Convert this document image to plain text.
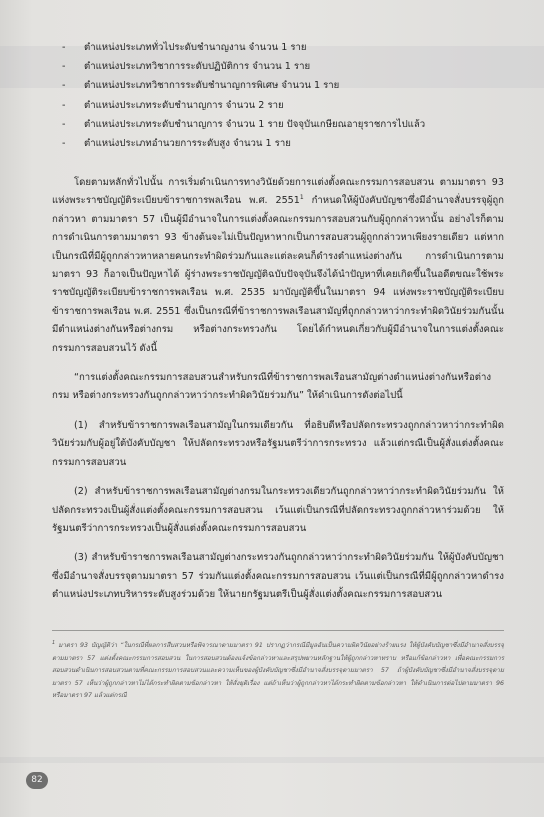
- ตำแหน่งประเภททั่วไประดับชำนาญงาน จำนวน 1 ราย
- ตำแหน่งประเภทวิชาการระดับปฏิบัติการ จำนวน 1 ราย
- ตำแหน่งประเภทวิชาการระดับชำนาญการพิเศษ จำนวน 1 ราย
- ตำแหน่งประเภทระดับชำนาญการ จำนวน 2 ราย
- ตำแหน่งประเภทระดับชำนาญการ จำนวน 1 ราย ปัจจุบันเกษียณอายุราชการไปแล้ว
- ตำแหน่งประเภทอำนวยการระดับสูง จำนวน 1 ราย

โดยตามหลักทั่วไปนั้น การเริ่มดำเนินการทางวินัยด้วยการแต่งตั้งคณะกรรมการสอบสวน ตามมาตรา 93 แห่งพระราชบัญญัติระเบียบข้าราชการพลเรือน พ.ศ. 2551$^1$ กำหนดให้ผู้บังคับบัญชาซึ่งมีอำนาจสั่งบรรจุผู้ถูกกล่าวหา ตามมาตรา 57 เป็นผู้มีอำนาจในการแต่งตั้งคณะกรรมการสอบสวนกับผู้ถูกกล่าวหานั้น อย่างไรก็ตามการดำเนินการตามมาตรา 93 ข้างต้นจะไม่เป็นปัญหาหากเป็นการสอบสวนผู้ถูกกล่าวหาเพียงรายเดียว แต่หากเป็นกรณีที่มีผู้ถูกกล่าวหาหลายคนกระทำผิดร่วมกันและแต่ละคนก็ดำรงตำแหน่งต่างกัน การดำเนินการตามมาตรา 93 ก็อาจเป็นปัญหาได้ ผู้ร่างพระราชบัญญัติฉบับปัจจุบันจึงได้นำปัญหาที่เคยเกิดขึ้นในอดีตขณะใช้พระราชบัญญัติระเบียบข้าราชการพลเรือน พ.ศ. 2535 มาบัญญัติขึ้นในมาตรา 94 แห่งพระราชบัญญัติระเบียบข้าราชการพลเรือน พ.ศ. 2551 ซึ่งเป็นกรณีที่ข้าราชการพลเรือนสามัญที่ถูกกล่าวหาว่ากระทำผิดวินัยร่วมกันนั้น มีตำแหน่งต่างกันหรือต่างกรม หรือต่างกระทรวงกัน โดยได้กำหนดเกี่ยวกับผู้มีอำนาจในการแต่งตั้งคณะกรรมการสอบสวนไว้ ดังนี้

“การแต่งตั้งคณะกรรมการสอบสวนสำหรับกรณีที่ข้าราชการพลเรือนสามัญต่างตำแหน่งต่างกันหรือต่างกรม หรือต่างกระทรวงกันถูกกล่าวหาว่ากระทำผิดวินัยร่วมกัน” ให้ดำเนินการดังต่อไปนี้

(1) สำหรับข้าราชการพลเรือนสามัญในกรมเดียวกัน ที่อธิบดีหรือปลัดกระทรวงถูกกล่าวหาว่ากระทำผิดวินัยร่วมกับผู้อยู่ใต้บังคับบัญชา ให้ปลัดกระทรวงหรือรัฐมนตรีว่าการกระทรวง แล้วแต่กรณีเป็นผู้สั่งแต่งตั้งคณะกรรมการสอบสวน

(2) สำหรับข้าราชการพลเรือนสามัญต่างกรมในกระทรวงเดียวกันถูกกล่าวหาว่ากระทำผิดวินัยร่วมกัน ให้ปลัดกระทรวงเป็นผู้สั่งแต่งตั้งคณะกรรมการสอบสวน เว้นแต่เป็นกรณีที่ปลัดกระทรวงถูกกล่าวหาร่วมด้วย ให้รัฐมนตรีว่าการกระทรวงเป็นผู้สั่งแต่งตั้งคณะกรรมการสอบสวน

(3) สำหรับข้าราชการพลเรือนสามัญต่างกระทรวงกันถูกกล่าวหาว่ากระทำผิดวินัยร่วมกัน ให้ผู้บังคับบัญชาซึ่งมีอำนาจสั่งบรรจุตามมาตรา 57 ร่วมกันแต่งตั้งคณะกรรมการสอบสวน เว้นแต่เป็นกรณีที่มีผู้ถูกกล่าวหาดำรงตำแหน่งประเภทบริหารระดับสูงร่วมด้วย ให้นายกรัฐมนตรีเป็นผู้สั่งแต่งตั้งคณะกรรมการสอบสวน

$^1$ มาตรา 93 บัญญัติว่า “ในกรณีที่ผลการสืบสวนหรือพิจารณาตามมาตรา 91 ปรากฏว่ากรณีมีมูลอันเป็นความผิดวินัยอย่างร้ายแรง ให้ผู้บังคับบัญชาซึ่งมีอำนาจสั่งบรรจุตามมาตรา 57 แต่งตั้งคณะกรรมการสอบสวน ในการสอบสวนต้องแจ้งข้อกล่าวหาและสรุปพยานหลักฐานให้ผู้ถูกกล่าวหาทราบ หรือแก้ข้อกล่าวหา เพื่อคณะกรรมการสอบสวนดำเนินการสอบสวนตามที่คณะกรรมการสอบสวนและความเห็นของผู้บังคับบัญชาซึ่งมีอำนาจสั่งบรรจุตามมาตรา 57 ถ้าผู้บังคับบัญชาซึ่งมีอำนาจสั่งบรรจุตามมาตรา 57 เห็นว่าผู้ถูกกล่าวหาไม่ได้กระทำผิดตามข้อกล่าวหา ให้สั่งยุติเรื่อง แต่ถ้าเห็นว่าผู้ถูกกล่าวหาได้กระทำผิดตามข้อกล่าวหา ให้ดำเนินการต่อไปตามมาตรา 96 หรือมาตรา 97 แล้วแต่กรณี
82
